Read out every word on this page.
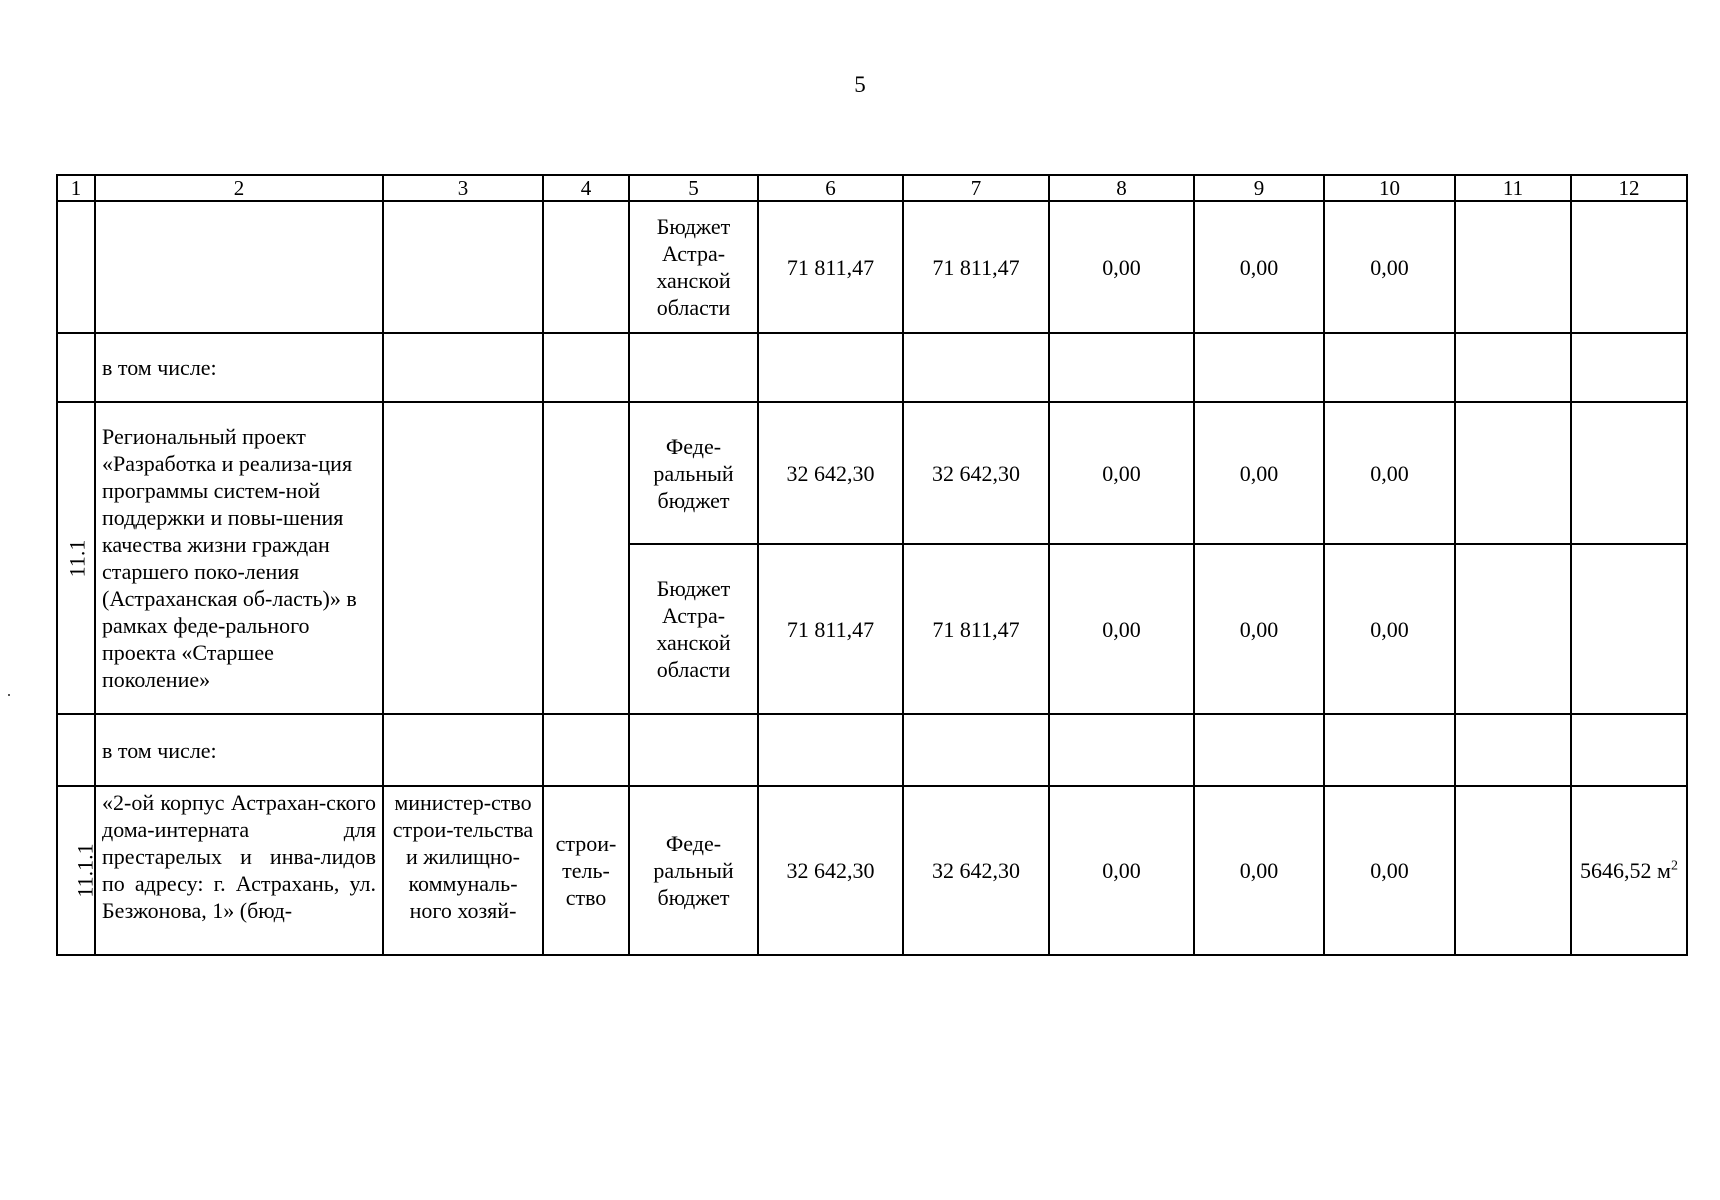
5
1	2	3	4	5	6	7	8	9	10	11	12
				Бюджет Астра-ханской области	71 811,47	71 811,47	0,00	0,00	0,00		
	в том числе:										
11.1	Региональный проект «Разработка и реализа-ция программы систем-ной поддержки и повы-шения качества жизни граждан старшего поко-ления (Астраханская об-ласть)» в рамках феде-рального проекта «Старшее поколение»			Феде-ральный бюджет	32 642,30	32 642,30	0,00	0,00	0,00		
				Бюджет Астра-ханской области	71 811,47	71 811,47	0,00	0,00	0,00		
	в том числе:										
11.1.1	«2-ой корпус Астрахан-ского дома-интерната для престарелых и инва-лидов по адресу: г. Астрахань, ул. Безжонова, 1» (бюд-	министер-ство строи-тельства и жилищно-коммуналь-ного хозяй-	строи-тель-ство	Феде-ральный бюджет	32 642,30	32 642,30	0,00	0,00	0,00		5646,52 $м^2$
